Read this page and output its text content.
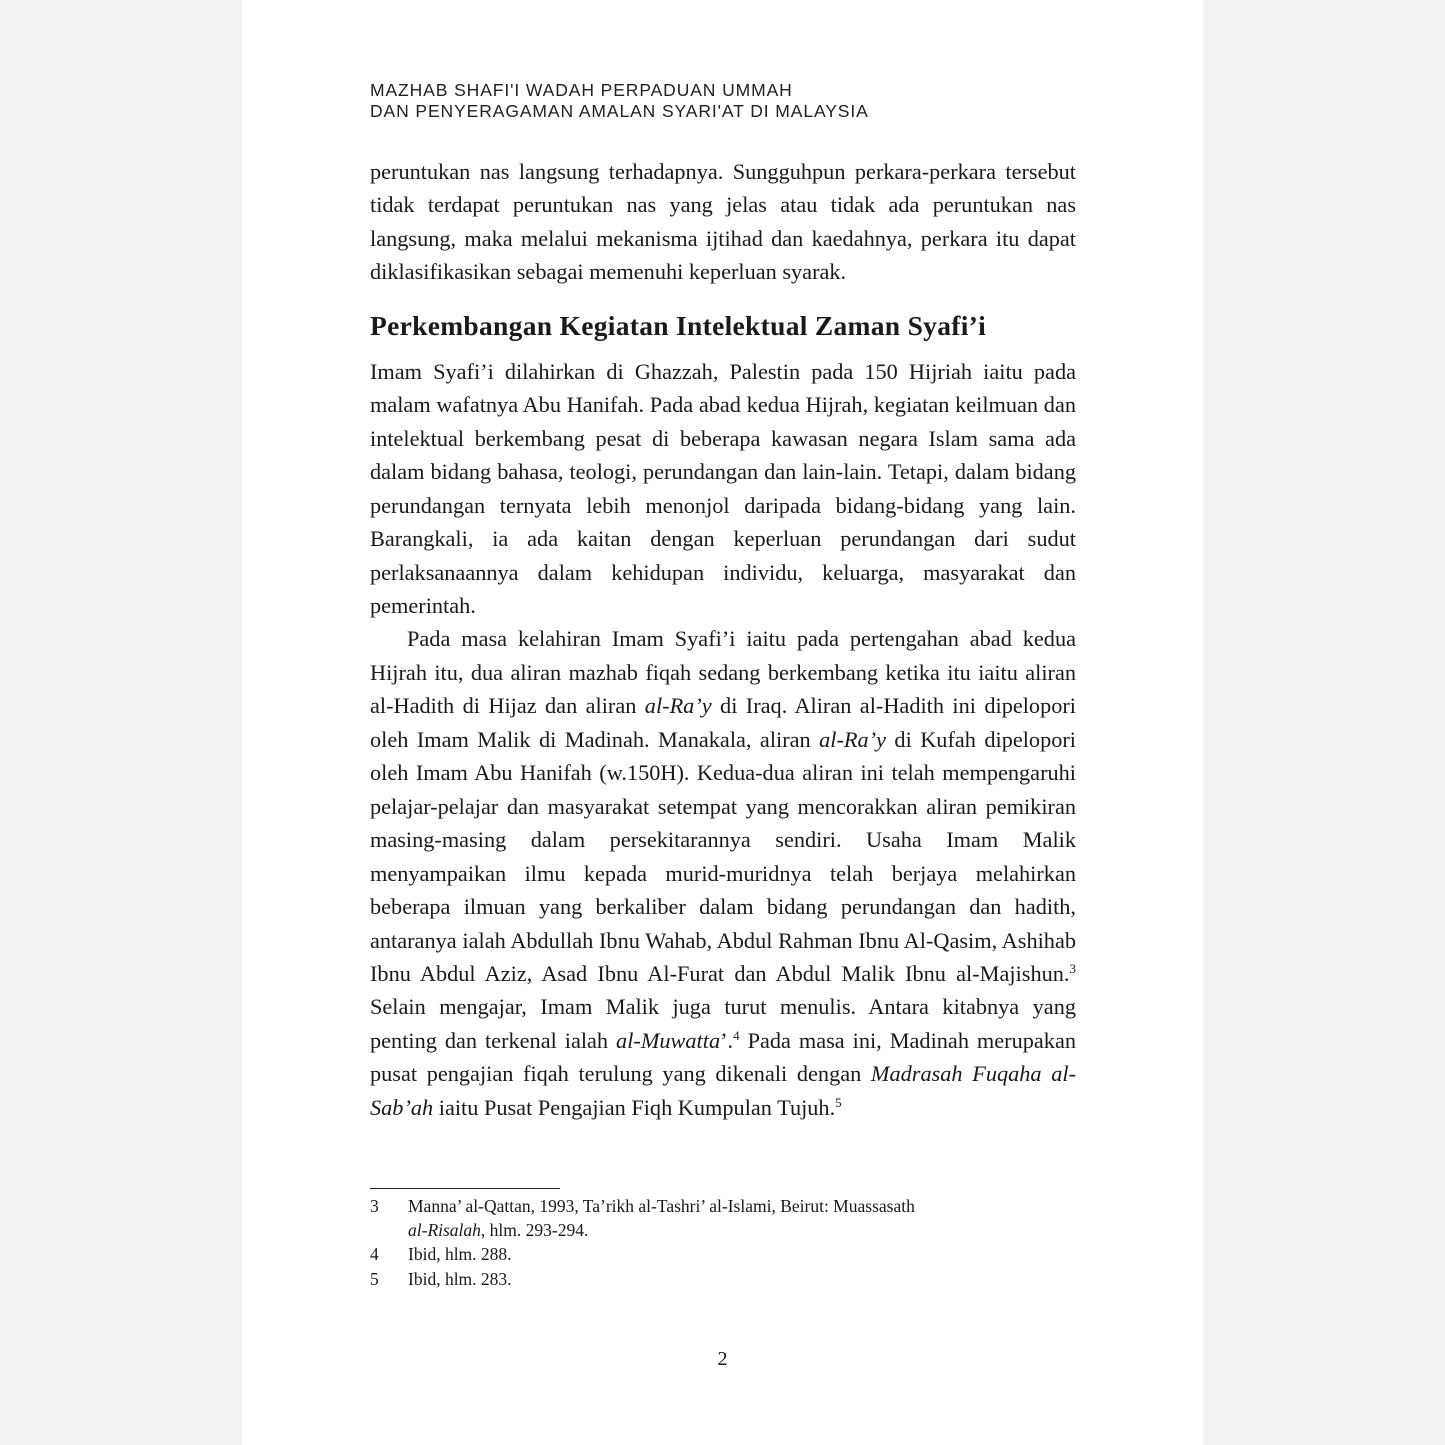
MAZHAB SHAFI'I WADAH PERPADUAN UMMAH
DAN PENYERAGAMAN AMALAN SYARI'AT DI MALAYSIA

peruntukan nas langsung terhadapnya. Sungguhpun perkara-perkara tersebut tidak terdapat peruntukan nas yang jelas atau tidak ada peruntukan nas langsung, maka melalui mekanisma ijtihad dan kaedahnya, perkara itu dapat diklasifikasikan sebagai memenuhi keperluan syarak.

Perkembangan Kegiatan Intelektual Zaman Syafi’i

Imam Syafi’i dilahirkan di Ghazzah, Palestin pada 150 Hijriah iaitu pada malam wafatnya Abu Hanifah. Pada abad kedua Hijrah, kegiatan keilmuan dan intelektual berkembang pesat di beberapa kawasan negara Islam sama ada dalam bidang bahasa, teologi, perundangan dan lain-lain. Tetapi, dalam bidang perundangan ternyata lebih menonjol daripada bidang-bidang yang lain. Barangkali, ia ada kaitan dengan keperluan perundangan dari sudut perlaksanaannya dalam kehidupan individu, keluarga, masyarakat dan pemerintah.

Pada masa kelahiran Imam Syafi’i iaitu pada pertengahan abad kedua Hijrah itu, dua aliran mazhab fiqah sedang berkembang ketika itu iaitu aliran al-Hadith di Hijaz dan aliran al-Ra’y di Iraq. Aliran al-Hadith ini dipelopori oleh Imam Malik di Madinah. Manakala, aliran al-Ra’y di Kufah dipelopori oleh Imam Abu Hanifah (w.150H). Kedua-dua aliran ini telah mempengaruhi pelajar-pelajar dan masyarakat setempat yang mencorakkan aliran pemikiran masing-masing dalam persekitarannya sendiri. Usaha Imam Malik menyampaikan ilmu kepada murid-muridnya telah berjaya melahirkan beberapa ilmuan yang berkaliber dalam bidang perundangan dan hadith, antaranya ialah Abdullah Ibnu Wahab, Abdul Rahman Ibnu Al-Qasim, Ashihab Ibnu Abdul Aziz, Asad Ibnu Al-Furat dan Abdul Malik Ibnu al-Majishun.$^3$ Selain mengajar, Imam Malik juga turut menulis. Antara kitabnya yang penting dan terkenal ialah al-Muwatta’.$^4$ Pada masa ini, Madinah merupakan pusat pengajian fiqah terulung yang dikenali dengan Madrasah Fuqaha al-Sab’ah iaitu Pusat Pengajian Fiqh Kumpulan Tujuh.$^5$

3	Manna’ al-Qattan, 1993, Ta’rikh al-Tashri’ al-Islami, Beirut: Muassasath
al-Risalah, hlm. 293-294.
4	Ibid, hlm. 288.
5	Ibid, hlm. 283.
2
